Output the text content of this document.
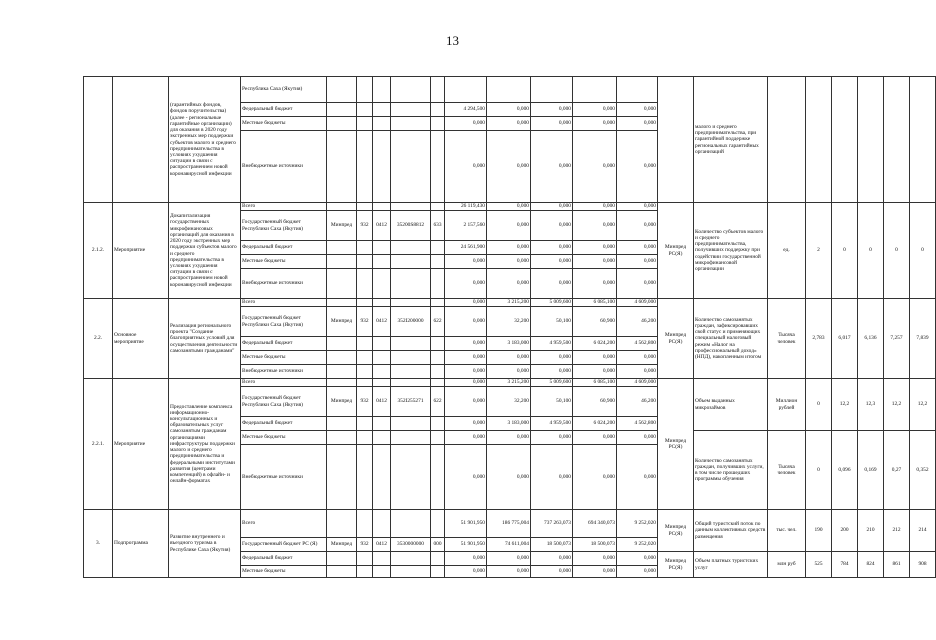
13
		(гарантийных фондов, фондов поручительства) (далее - региональные гарантийные организации) для оказания в 2020 году экстренных мер поддержки субъектов малого и среднего предпринимательства в условиях ухудшения ситуации в связи с распространением новой коронавирусной инфекции	Республика Саха (Якутия)												малого и среднего предпринимательства, при гарантийной поддержке региональных гарантийных организаций						
			Федеральный бюджет						4 294,500	0,000	0,000	0,000	0,000								
			Местные бюджеты						0,000	0,000	0,000	0,000	0,000								
			Внебюджетные источники						0,000	0,000	0,000	0,000	0,000								
2.1.2.	Мероприятие	Докапитализация государственных микрофинансовых организаций для оказания в 2020 году экстренных мер поддержки субъектов малого и среднего предпринимательства в условиях ухудшения ситуации в связи с распространением новой коронавирусной инфекции	Всего						26 119,430	0,000	0,000	0,000	0,000	Минпред РС(Я)	Количество субъектов малого и среднего предпринимательства, получивших поддержку при содействии государственной микрофинансовой организации	ед.	2	0	0	0	0
			Государственный бюджет Республики Саха (Якутия)	Минпред	932	0412	35200S8812	633	2 157,560	0,000	0,000	0,000	0,000								
			Федеральный бюджет						24 561,900	0,000	0,000	0,000	0,000								
			Местные бюджеты						0,000	0,000	0,000	0,000	0,000								
			Внебюджетные источники						0,000	0,000	0,000	0,000	0,000								
2.2.	Основное мероприятие	Реализация регионального проекта "Создание благоприятных условий для осуществления деятельности самозанятыми гражданами"	Всего						0,000	3 215,200	5 009,600	6 085,100	4 609,000	Минпред РС(Я)	Количество самозанятых граждан, зафиксировавших свой статус и применяющих специальный налоговый режим «Налог на профессиональный доход» (НПД), накопленным итогом	Тысяча человек	2,783	6,017	6,136	7,257	7,839
			Государственный бюджет Республики Саха (Якутия)	Минпред	932	0412	352I200000	622	0,000	32,200	50,100	60,900	46,200								
			Федеральный бюджет						0,000	3 183,000	4 959,500	6 024,200	4 562,800								
			Местные бюджеты						0,000	0,000	0,000	0,000	0,000								
			Внебюджетные источники						0,000	0,000	0,000	0,000	0,000								
2.2.1.	Мероприятие	Предоставление комплекса информационно-консультационных и образовательных услуг самозанятым гражданам организациями инфраструктуры поддержки малого и среднего предпринимательства и федеральными институтами развития (центрами компетенций) в офлайн- и онлайн-форматах	Всего						0,000	3 215,200	5 009,600	6 085,100	4 609,000	Минпред РС(Я)	Объем выданных микрозаймов	Миллион рублей	0	12,2	12,3	12,2	12,2
			Государственный бюджет Республики Саха (Якутия)	Минпред	932	0412	352I255271	622	0,000	32,200	50,100	60,900	46,200								
			Федеральный бюджет						0,000	3 183,000	4 959,500	6 024,200	4 562,800								
			Местные бюджеты						0,000	0,000	0,000	0,000	0,000		Количество самозанятых граждан, получивших услуги, в том числе прошедших программы обучения	Тысяча человек	0	0,096	0,169	0,27	0,352
			Внебюджетные источники						0,000	0,000	0,000	0,000	0,000								
3.	Подпрограмма	Развитие внутреннего и въездного туризма в Республике Саха (Якутия)	Всего						51 901,950	186 775,004	737 263,073	694 340,073	9 252,020	Минпред РС(Я)	Общий туристский поток по данным коллективных средств размещения	тыс. чел.	190	200	210	212	214
			Государственный бюджет РС (Я)	Минпред	932	0412	3530000000	000	51 901,950	74 611,004	18 500,073	18 500,073	9 252,020								
			Федеральный бюджет						0,000	0,000	0,000	0,000	0,000	Минпред РС(Я)	Объем платных туристских услуг	млн руб	525	784	824	861	908
			Местные бюджеты						0,000	0,000	0,000	0,000	0,000								
